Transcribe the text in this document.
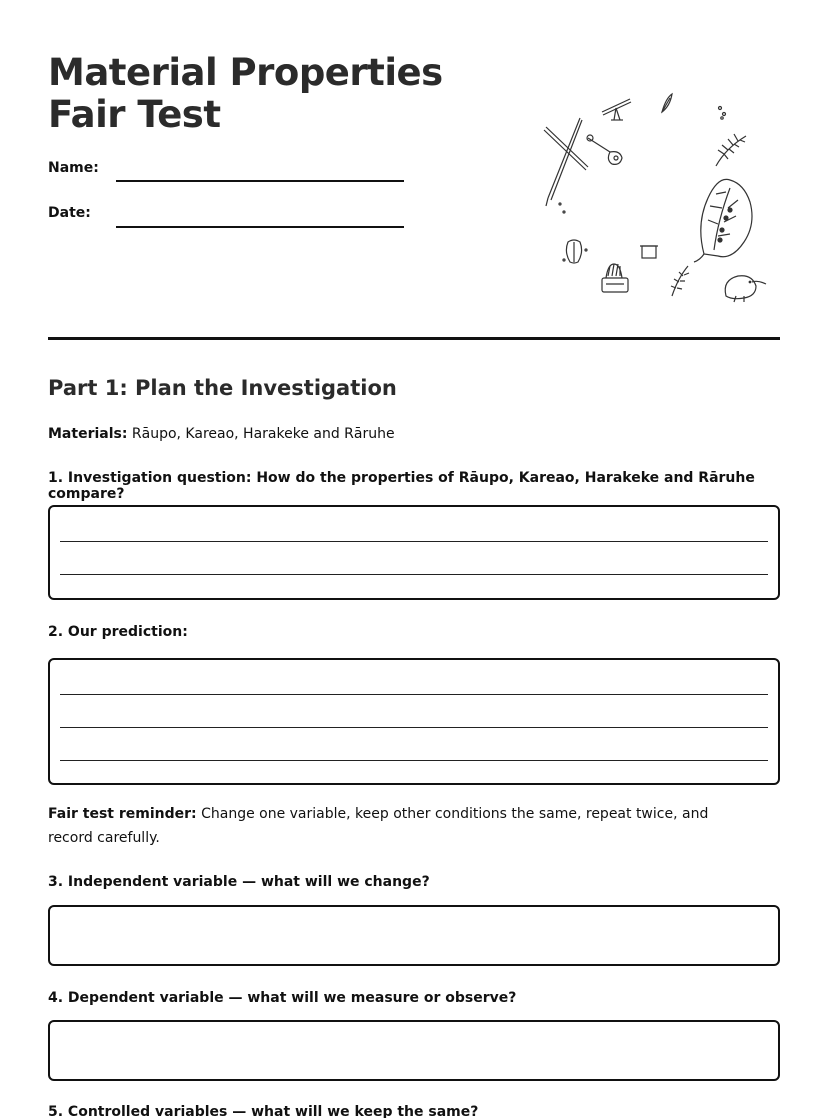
Material Properties Fair Test
Name:
Date:
Part 1: Plan the Investigation
Materials: Rāupo, Kareao, Harakeke and Rāruhe
1. Investigation question: How do the properties of Rāupo, Kareao, Harakeke and Rāruhe compare?
2. Our prediction:
Fair test reminder: Change one variable, keep other conditions the same, repeat twice, and record carefully.
3. Independent variable — what will we change?
4. Dependent variable — what will we measure or observe?
5. Controlled variables — what will we keep the same?
